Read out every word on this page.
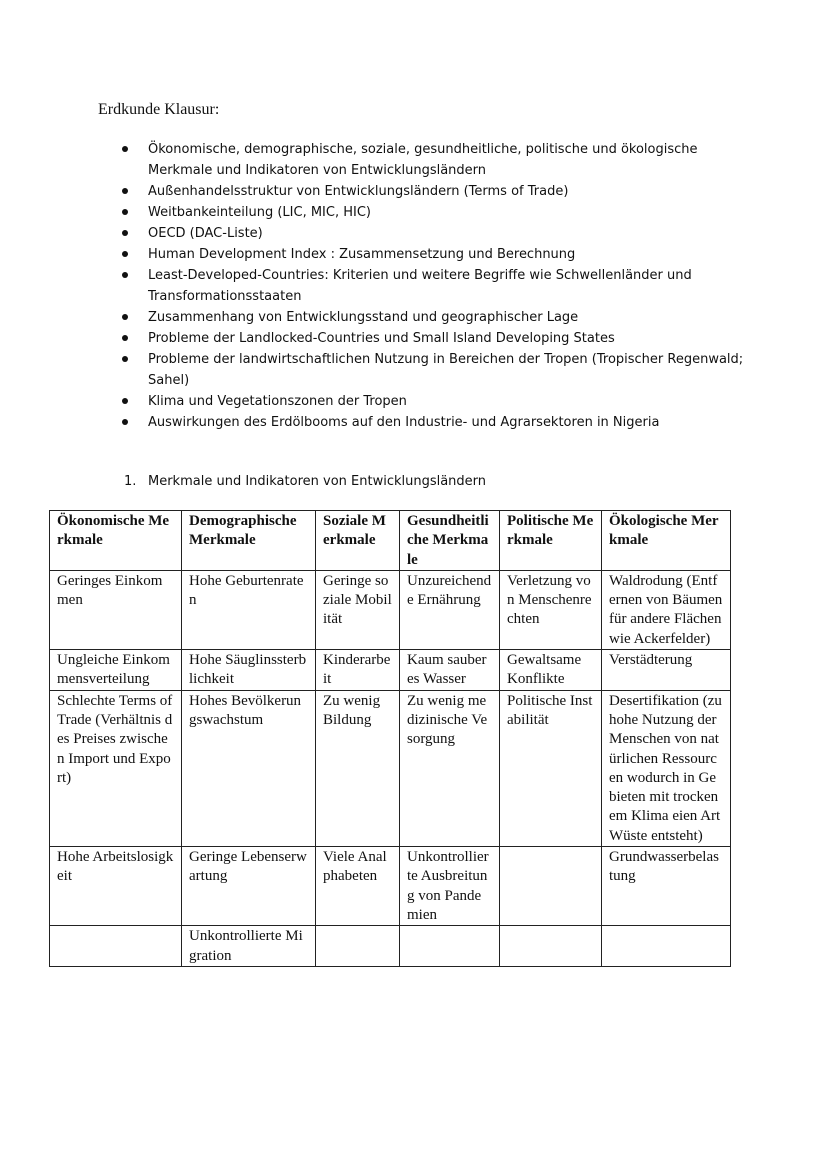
Erdkunde Klausur:
Ökonomische, demographische, soziale, gesundheitliche, politische und ökologische Merkmale und Indikatoren von Entwicklungsländern
Außenhandelsstruktur von Entwicklungsländern (Terms of Trade)
Weitbankeinteilung (LIC, MIC, HIC)
OECD (DAC-Liste)
Human Development Index : Zusammensetzung und Berechnung
Least-Developed-Countries: Kriterien und weitere Begriffe wie Schwellenländer und Transformationsstaaten
Zusammenhang von Entwicklungsstand und geographischer Lage
Probleme der Landlocked-Countries und Small Island Developing States
Probleme der landwirtschaftlichen Nutzung in Bereichen der Tropen (Tropischer Regenwald; Sahel)
Klima und Vegetationszonen der Tropen
Auswirkungen des Erdölbooms auf den Industrie- und Agrarsektoren in Nigeria
1. Merkmale und Indikatoren von Entwicklungsländern
Ökonomische Merkmale	Demographische Merkmale	Soziale Merkmale	Gesundheitliche Merkmale	Politische Merkmale	Ökologische Merkmale
Geringes Einkommen	Hohe Geburtenraten	Geringe soziale Mobilität	Unzureichende Ernährung	Verletzung von Menschenrechten	Waldrodung (Entfernen von Bäumen für andere Flächen wie Ackerfelder)
Ungleiche Einkommensverteilung	Hohe Säuglinssterblichkeit	Kinderarbeit	Kaum sauberes Wasser	Gewaltsame Konflikte	Verstädterung
Schlechte Terms of Trade (Verhältnis des Preises zwischen Import und Export)	Hohes Bevölkerungswachstum	Zu wenig Bildung	Zu wenig medizinische Vesorgung	Politische Instabilität	Desertifikation (zu hohe Nutzung der Menschen von natürlichen Ressourcen wodurch in Gebieten mit trockenem Klima eien Art Wüste entsteht)
Hohe Arbeitslosigkeit	Geringe Lebenserwartung	Viele Analphabeten	Unkontrollierte Ausbreitung von Pandemien		Grundwasserbelastung
	Unkontrollierte Migration				
